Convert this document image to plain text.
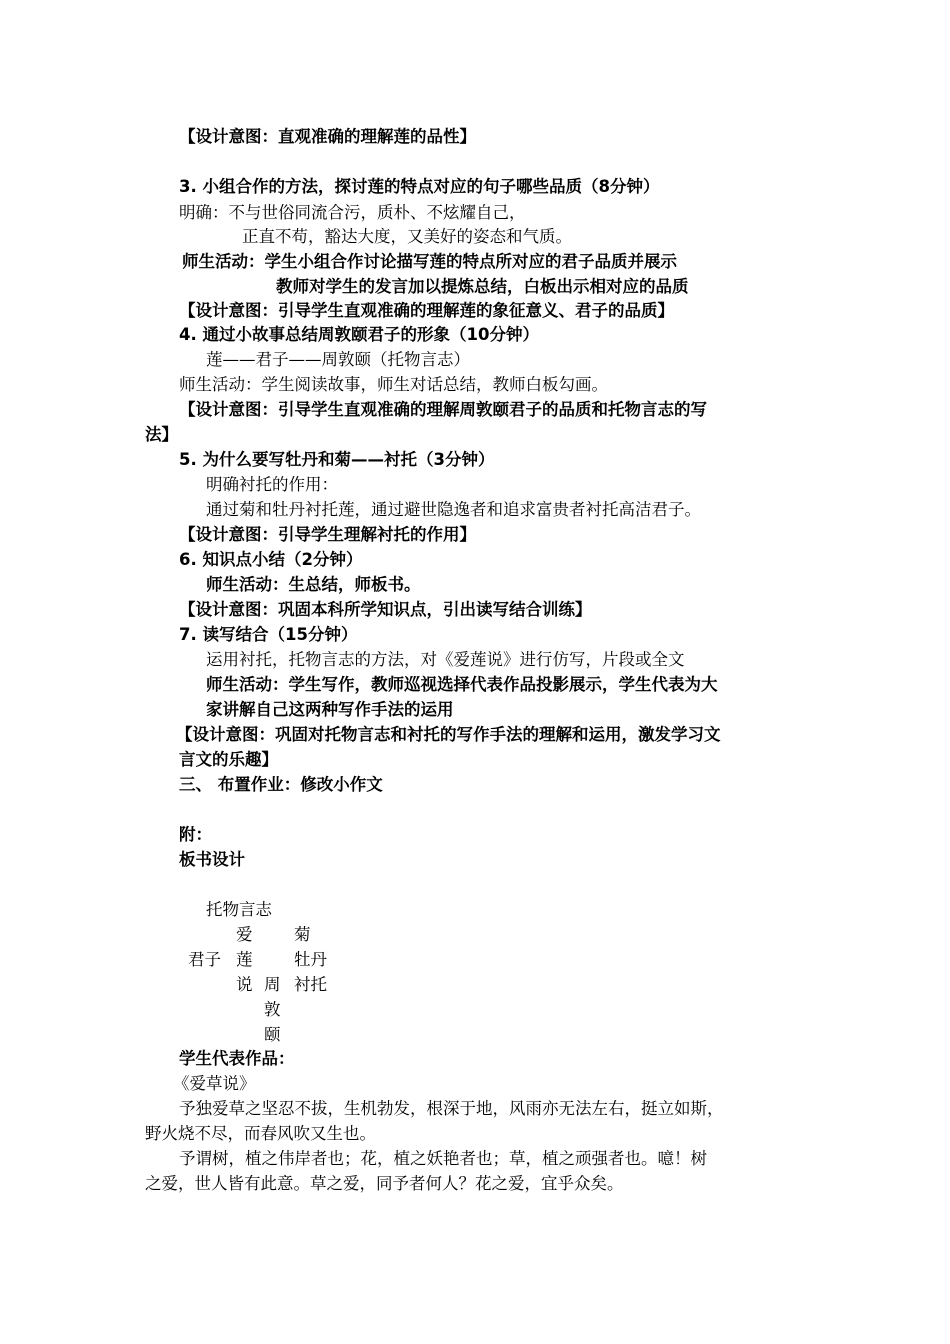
【设计意图：直观准确的理解莲的品性】
3. 小组合作的方法，探讨莲的特点对应的句子哪些品质（8分钟）
明确：不与世俗同流合污，质朴、不炫耀自己，
正直不苟，豁达大度，又美好的姿态和气质。
师生活动：学生小组合作讨论描写莲的特点所对应的君子品质并展示
教师对学生的发言加以提炼总结，白板出示相对应的品质
【设计意图：引导学生直观准确的理解莲的象征意义、君子的品质】
4. 通过小故事总结周敦颐君子的形象（10分钟）
莲——君子——周敦颐（托物言志）
师生活动：学生阅读故事，师生对话总结，教师白板勾画。
【设计意图：引导学生直观准确的理解周敦颐君子的品质和托物言志的写
法】
5. 为什么要写牡丹和菊——衬托（3分钟）
明确衬托的作用：
通过菊和牡丹衬托莲，通过避世隐逸者和追求富贵者衬托高洁君子。
【设计意图：引导学生理解衬托的作用】
6. 知识点小结（2分钟）
师生活动：生总结，师板书。
【设计意图：巩固本科所学知识点，引出读写结合训练】
7. 读写结合（15分钟）
运用衬托，托物言志的方法，对《爱莲说》进行仿写，片段或全文
师生活动：学生写作，教师巡视选择代表作品投影展示，学生代表为大
家讲解自己这两种写作手法的运用
【设计意图：巩固对托物言志和衬托的写作手法的理解和运用，激发学习文
言文的乐趣】
三、 布置作业：修改小作文
附：
板书设计
托物言志
爱	菊
君子 莲	牡丹
说 周 衬托
敦
颐
学生代表作品：
《爱草说》
予独爱草之坚忍不拔，生机勃发，根深于地，风雨亦无法左右，挺立如斯，
野火烧不尽，而春风吹又生也。
予谓树，植之伟岸者也；花，植之妖艳者也；草，植之顽强者也。噫！树
之爱，世人皆有此意。草之爱，同予者何人？花之爱，宜乎众矣。
